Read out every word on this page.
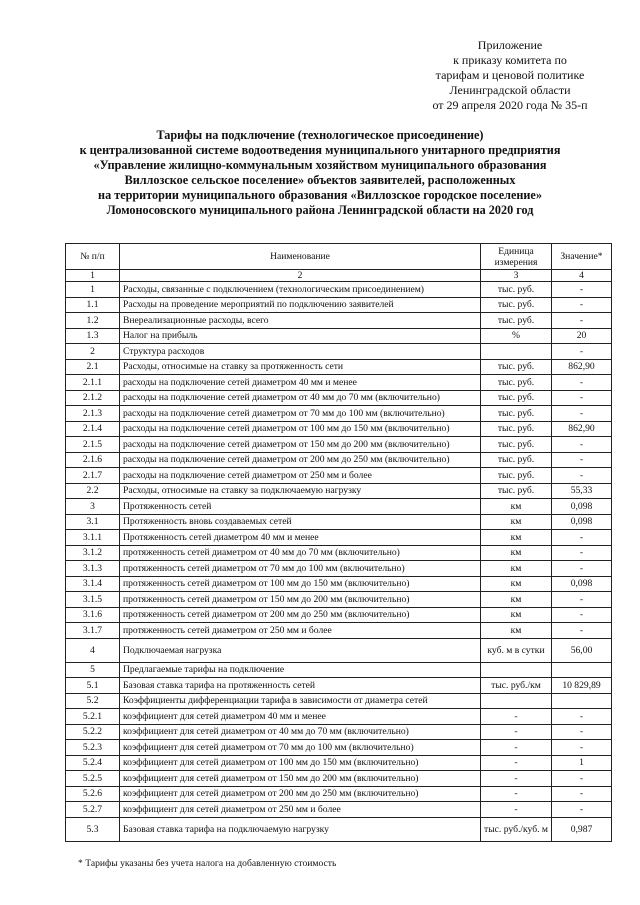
Приложение
к приказу комитета по
тарифам и ценовой политике
Ленинградской области
от 29 апреля 2020 года № 35-п
Тарифы на подключение (технологическое присоединение)
к централизованной системе водоотведения муниципального унитарного предприятия
«Управление жилищно-коммунальным хозяйством муниципального образования
Виллозское сельское поселение» объектов заявителей, расположенных
на территории муниципального образования «Виллозское городское поселение»
Ломоносовского муниципального района Ленинградской области на 2020 год
№ п/п	Наименование	Единица измерения	Значение*
1	2	3	4
1	Расходы, связанные с подключением (технологическим присоединением)	тыс. руб.	-
1.1	Расходы на проведение мероприятий по подключению заявителей	тыс. руб.	-
1.2	Внереализационные расходы, всего	тыс. руб.	-
1.3	Налог на прибыль	%	20
2	Структура расходов		-
2.1	Расходы, относимые на ставку за протяженность сети	тыс. руб.	862,90
2.1.1	расходы на подключение сетей диаметром 40 мм и менее	тыс. руб.	-
2.1.2	расходы на подключение сетей диаметром от 40 мм до 70 мм (включительно)	тыс. руб.	-
2.1.3	расходы на подключение сетей диаметром от 70 мм до 100 мм (включительно)	тыс. руб.	-
2.1.4	расходы на подключение сетей диаметром от 100 мм до 150 мм (включительно)	тыс. руб.	862,90
2.1.5	расходы на подключение сетей диаметром от 150 мм до 200 мм (включительно)	тыс. руб.	-
2.1.6	расходы на подключение сетей диаметром от 200 мм до 250 мм (включительно)	тыс. руб.	-
2.1.7	расходы на подключение сетей диаметром от 250 мм и более	тыс. руб.	-
2.2	Расходы, относимые на ставку за подключаемую нагрузку	тыс. руб.	55,33
3	Протяженность сетей	км	0,098
3.1	Протяженность вновь создаваемых сетей	км	0,098
3.1.1	Протяженность сетей диаметром 40 мм и менее	км	-
3.1.2	протяженность сетей диаметром от 40 мм до 70 мм (включительно)	км	-
3.1.3	протяженность сетей диаметром от 70 мм до 100 мм (включительно)	км	-
3.1.4	протяженность сетей диаметром от 100 мм до 150 мм (включительно)	км	0,098
3.1.5	протяженность сетей диаметром от 150 мм до 200 мм (включительно)	км	-
3.1.6	протяженность сетей диаметром от 200 мм до 250 мм (включительно)	км	-
3.1.7	протяженность сетей диаметром от 250 мм и более	км	-
4	Подключаемая нагрузка	куб. м в сутки	56,00
5	Предлагаемые тарифы на подключение		
5.1	Базовая ставка тарифа на протяженность сетей	тыс. руб./км	10 829,89
5.2	Коэффициенты дифференциации тарифа в зависимости от диаметра сетей		
5.2.1	коэффициент для сетей диаметром 40 мм и менее	-	-
5.2.2	коэффициент для сетей диаметром от 40 мм до 70 мм (включительно)	-	-
5.2.3	коэффициент для сетей диаметром от 70 мм до 100 мм (включительно)	-	-
5.2.4	коэффициент для сетей диаметром от 100 мм до 150 мм (включительно)	-	1
5.2.5	коэффициент для сетей диаметром от 150 мм до 200 мм (включительно)	-	-
5.2.6	коэффициент для сетей диаметром от 200 мм до 250 мм (включительно)	-	-
5.2.7	коэффициент для сетей диаметром от 250 мм и более	-	-
5.3	Базовая ставка тарифа на подключаемую нагрузку	тыс. руб./куб. м	0,987
* Тарифы указаны без учета налога на добавленную стоимость
